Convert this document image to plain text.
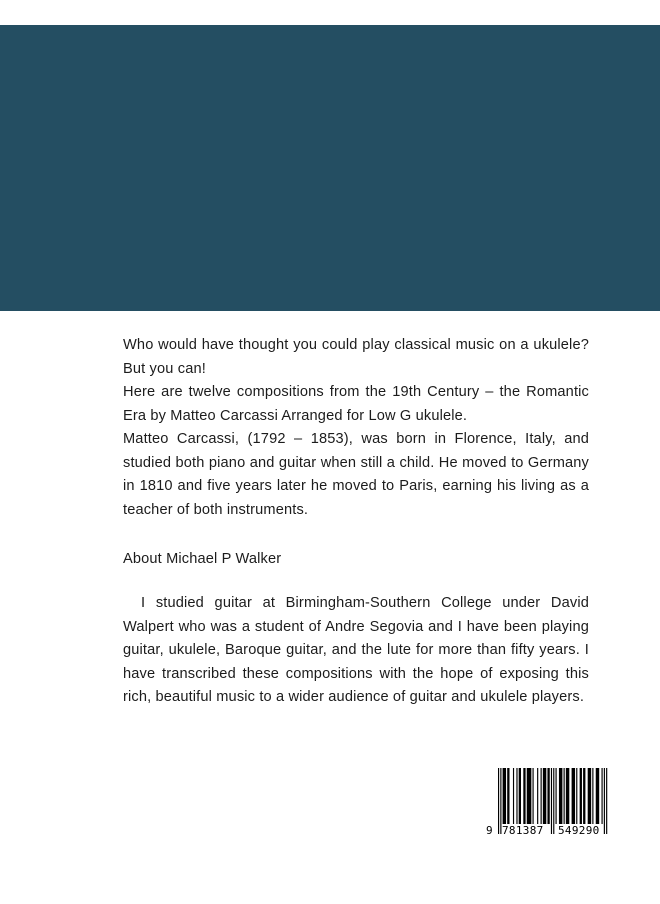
Who would have thought you could play classical music on a ukulele? But you can!

Here are twelve compositions from the 19th Century – the Romantic Era by Matteo Carcassi Arranged for Low G ukulele.

Matteo Carcassi, (1792 – 1853), was born in Florence, Italy, and studied both piano and guitar when still a child. He moved to Germany in 1810 and five years later he moved to Paris, earning his living as a teacher of both instruments.

About Michael P Walker

I studied guitar at Birmingham-Southern College under David Walpert who was a student of Andre Segovia and I have been playing guitar, ukulele, Baroque guitar, and the lute for more than fifty years. I have transcribed these compositions with the hope of exposing this rich, beautiful music to a wider audience of guitar and ukulele players.

9 781387 549290
